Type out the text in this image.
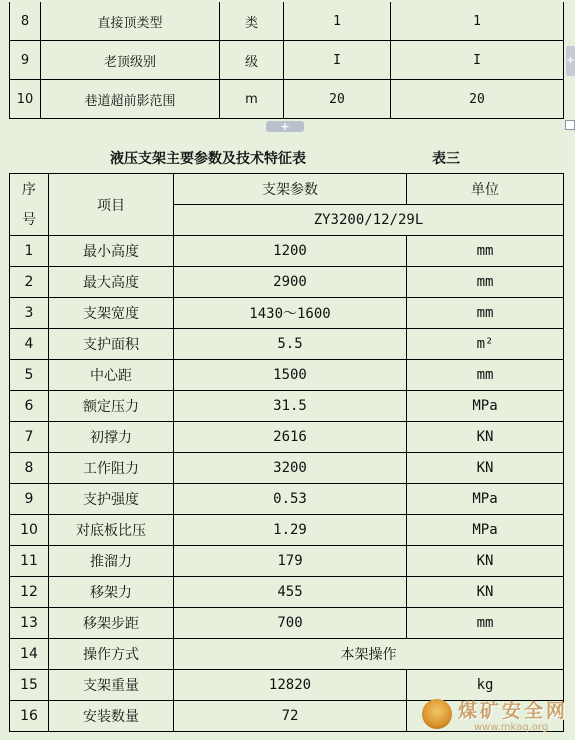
8	直接顶类型	类	1	1
9	老顶级别	级	I	I
10	巷道超前影范围	m	20	20
+
+
液压支架主要参数及技术特征表	表三
序
号	项目	支架参数	单位
		ZY3200/12/29L	
1	最小高度	1200	mm
2	最大高度	2900	mm
3	支架宽度	1430～1600	mm
4	支护面积	5.5	m²
5	中心距	1500	mm
6	额定压力	31.5	MPa
7	初撑力	2616	KN
8	工作阻力	3200	KN
9	支护强度	0.53	MPa
10	对底板比压	1.29	MPa
11	推溜力	179	KN
12	移架力	455	KN
13	移架步距	700	mm
14	操作方式	本架操作	
15	支架重量	12820	kg
16	安装数量	72		煤矿安全网
www.mkaq.org
